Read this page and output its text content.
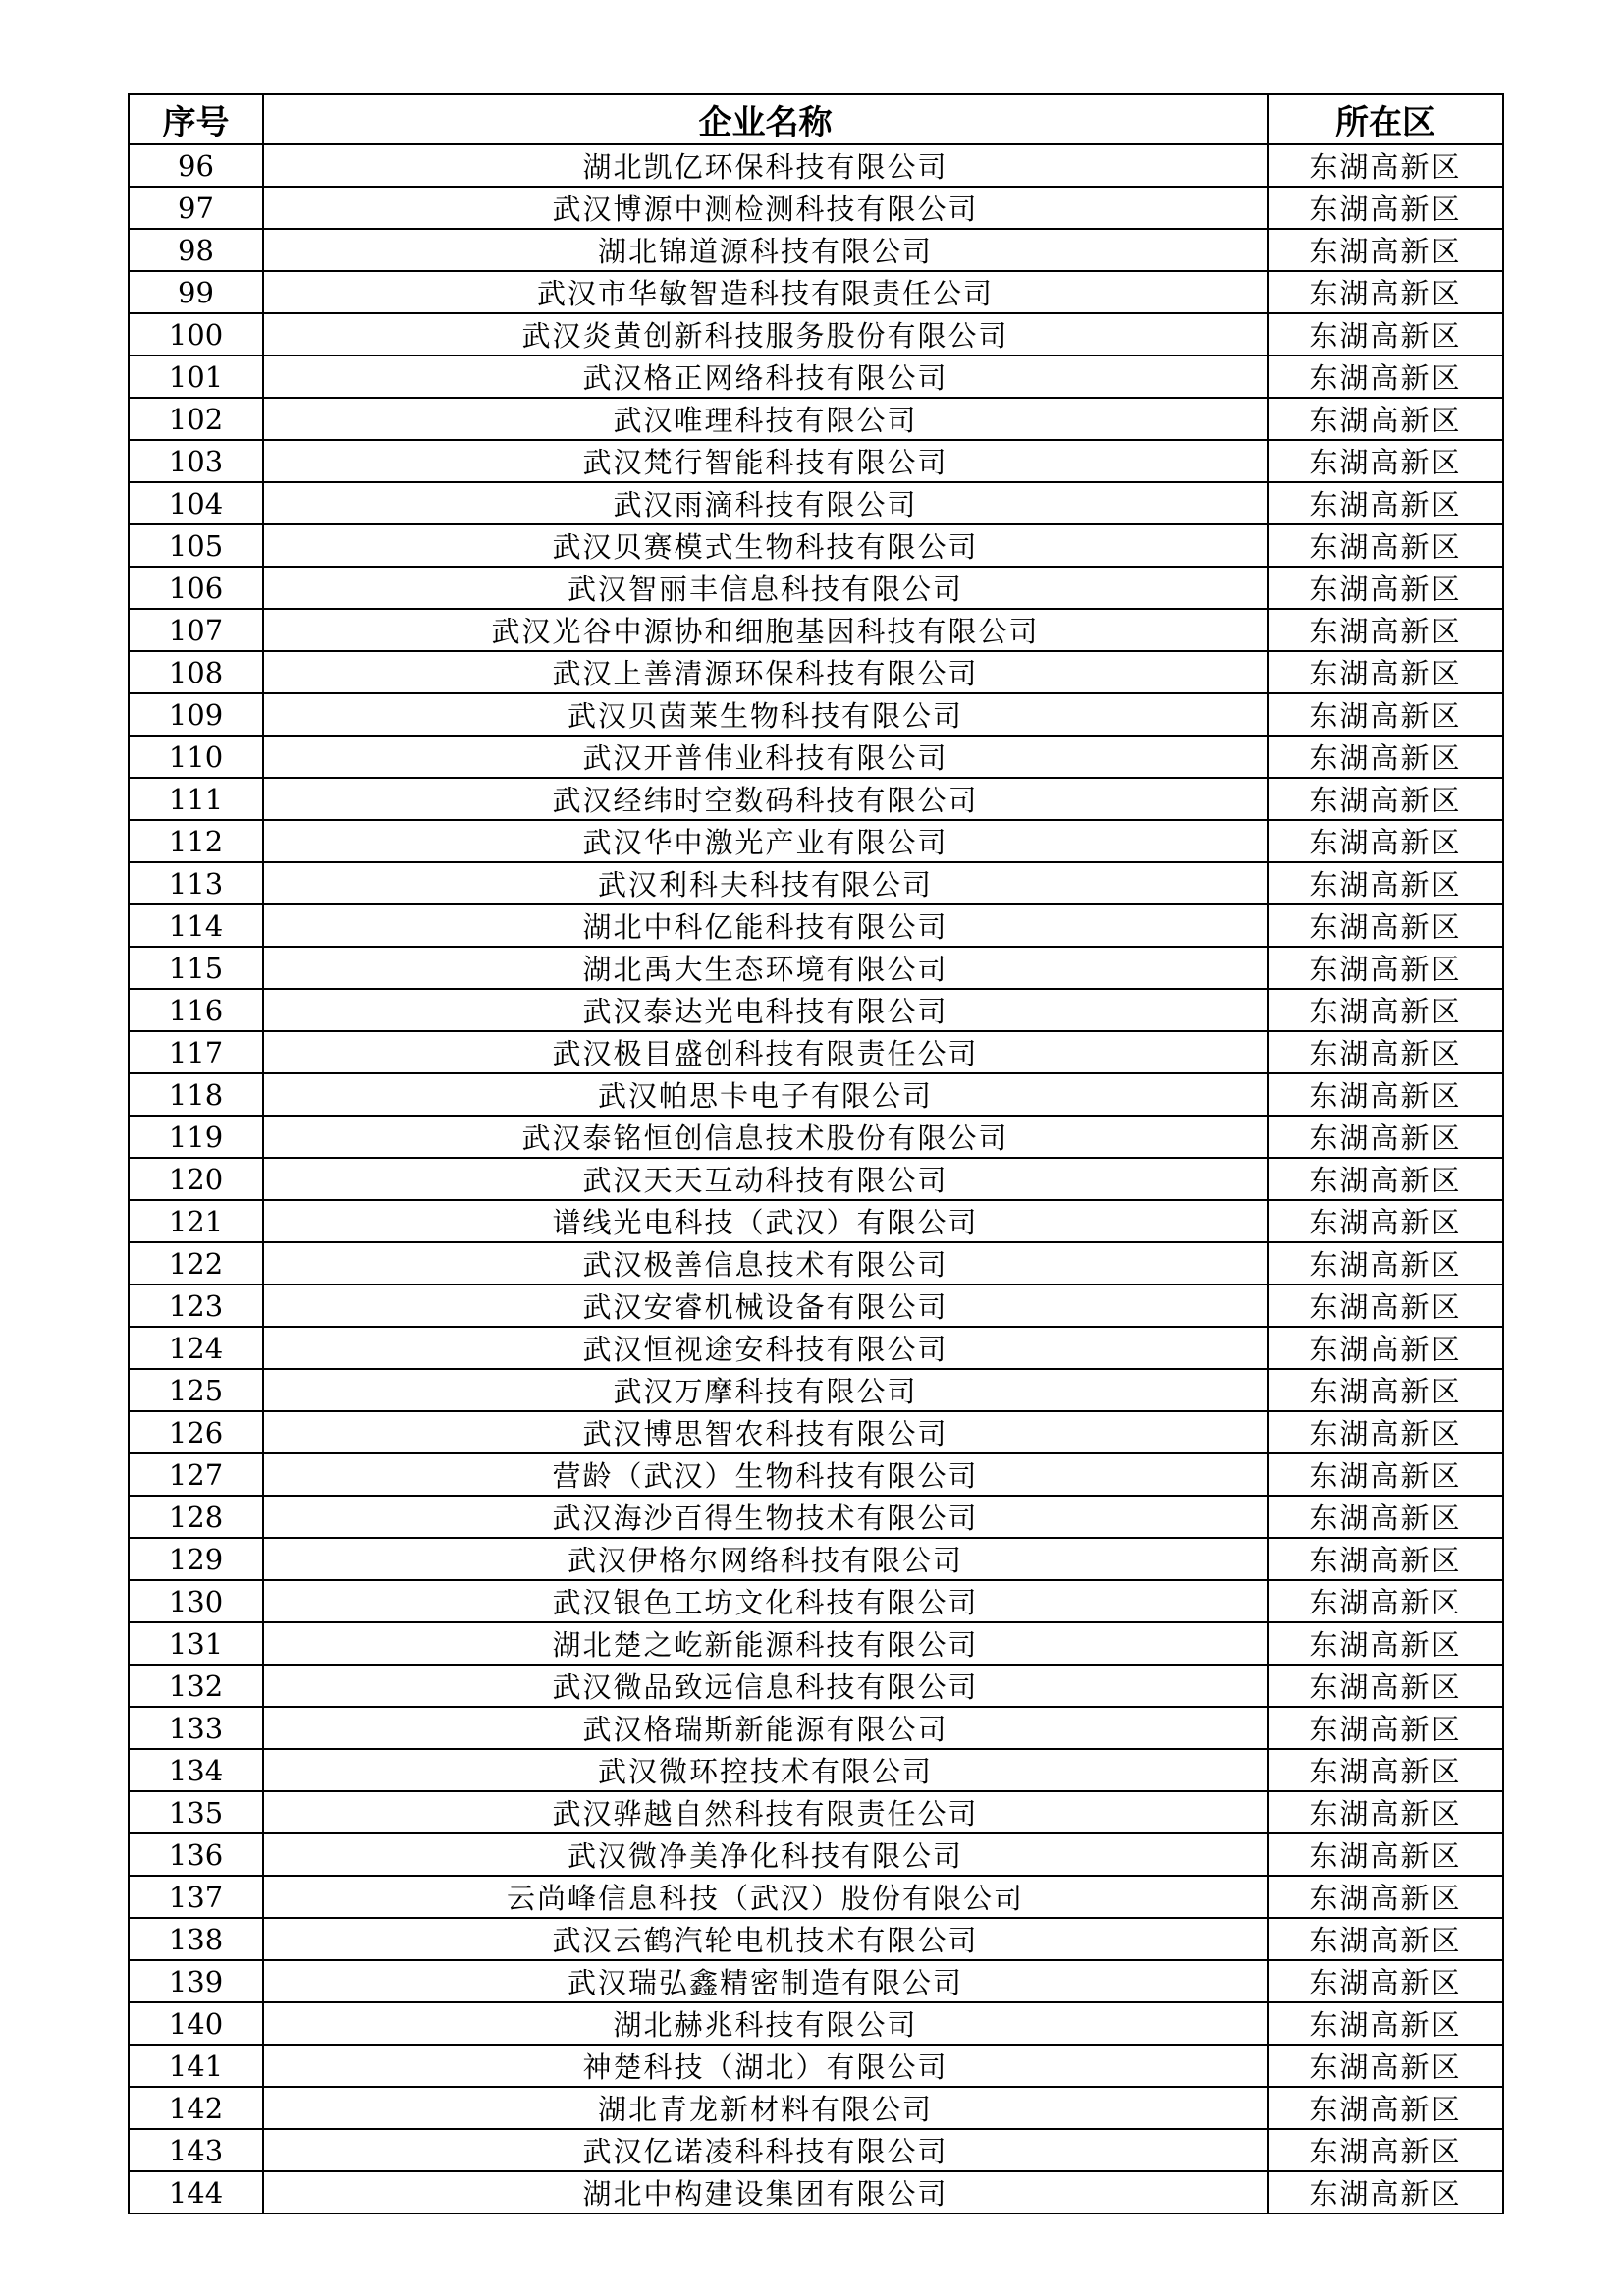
序号	企业名称	所在区
96	湖北凯亿环保科技有限公司	东湖高新区
97	武汉博源中测检测科技有限公司	东湖高新区
98	湖北锦道源科技有限公司	东湖高新区
99	武汉市华敏智造科技有限责任公司	东湖高新区
100	武汉炎黄创新科技服务股份有限公司	东湖高新区
101	武汉格正网络科技有限公司	东湖高新区
102	武汉唯理科技有限公司	东湖高新区
103	武汉梵行智能科技有限公司	东湖高新区
104	武汉雨滴科技有限公司	东湖高新区
105	武汉贝赛模式生物科技有限公司	东湖高新区
106	武汉智丽丰信息科技有限公司	东湖高新区
107	武汉光谷中源协和细胞基因科技有限公司	东湖高新区
108	武汉上善清源环保科技有限公司	东湖高新区
109	武汉贝茵莱生物科技有限公司	东湖高新区
110	武汉开普伟业科技有限公司	东湖高新区
111	武汉经纬时空数码科技有限公司	东湖高新区
112	武汉华中激光产业有限公司	东湖高新区
113	武汉利科夫科技有限公司	东湖高新区
114	湖北中科亿能科技有限公司	东湖高新区
115	湖北禹大生态环境有限公司	东湖高新区
116	武汉泰达光电科技有限公司	东湖高新区
117	武汉极目盛创科技有限责任公司	东湖高新区
118	武汉帕思卡电子有限公司	东湖高新区
119	武汉泰铭恒创信息技术股份有限公司	东湖高新区
120	武汉天天互动科技有限公司	东湖高新区
121	谱线光电科技（武汉）有限公司	东湖高新区
122	武汉极善信息技术有限公司	东湖高新区
123	武汉安睿机械设备有限公司	东湖高新区
124	武汉恒视途安科技有限公司	东湖高新区
125	武汉万摩科技有限公司	东湖高新区
126	武汉博思智农科技有限公司	东湖高新区
127	营龄（武汉）生物科技有限公司	东湖高新区
128	武汉海沙百得生物技术有限公司	东湖高新区
129	武汉伊格尔网络科技有限公司	东湖高新区
130	武汉银色工坊文化科技有限公司	东湖高新区
131	湖北楚之屹新能源科技有限公司	东湖高新区
132	武汉微品致远信息科技有限公司	东湖高新区
133	武汉格瑞斯新能源有限公司	东湖高新区
134	武汉微环控技术有限公司	东湖高新区
135	武汉骅越自然科技有限责任公司	东湖高新区
136	武汉微净美净化科技有限公司	东湖高新区
137	云尚峰信息科技（武汉）股份有限公司	东湖高新区
138	武汉云鹤汽轮电机技术有限公司	东湖高新区
139	武汉瑞弘鑫精密制造有限公司	东湖高新区
140	湖北赫兆科技有限公司	东湖高新区
141	神楚科技（湖北）有限公司	东湖高新区
142	湖北青龙新材料有限公司	东湖高新区
143	武汉亿诺凌科科技有限公司	东湖高新区
144	湖北中构建设集团有限公司	东湖高新区
